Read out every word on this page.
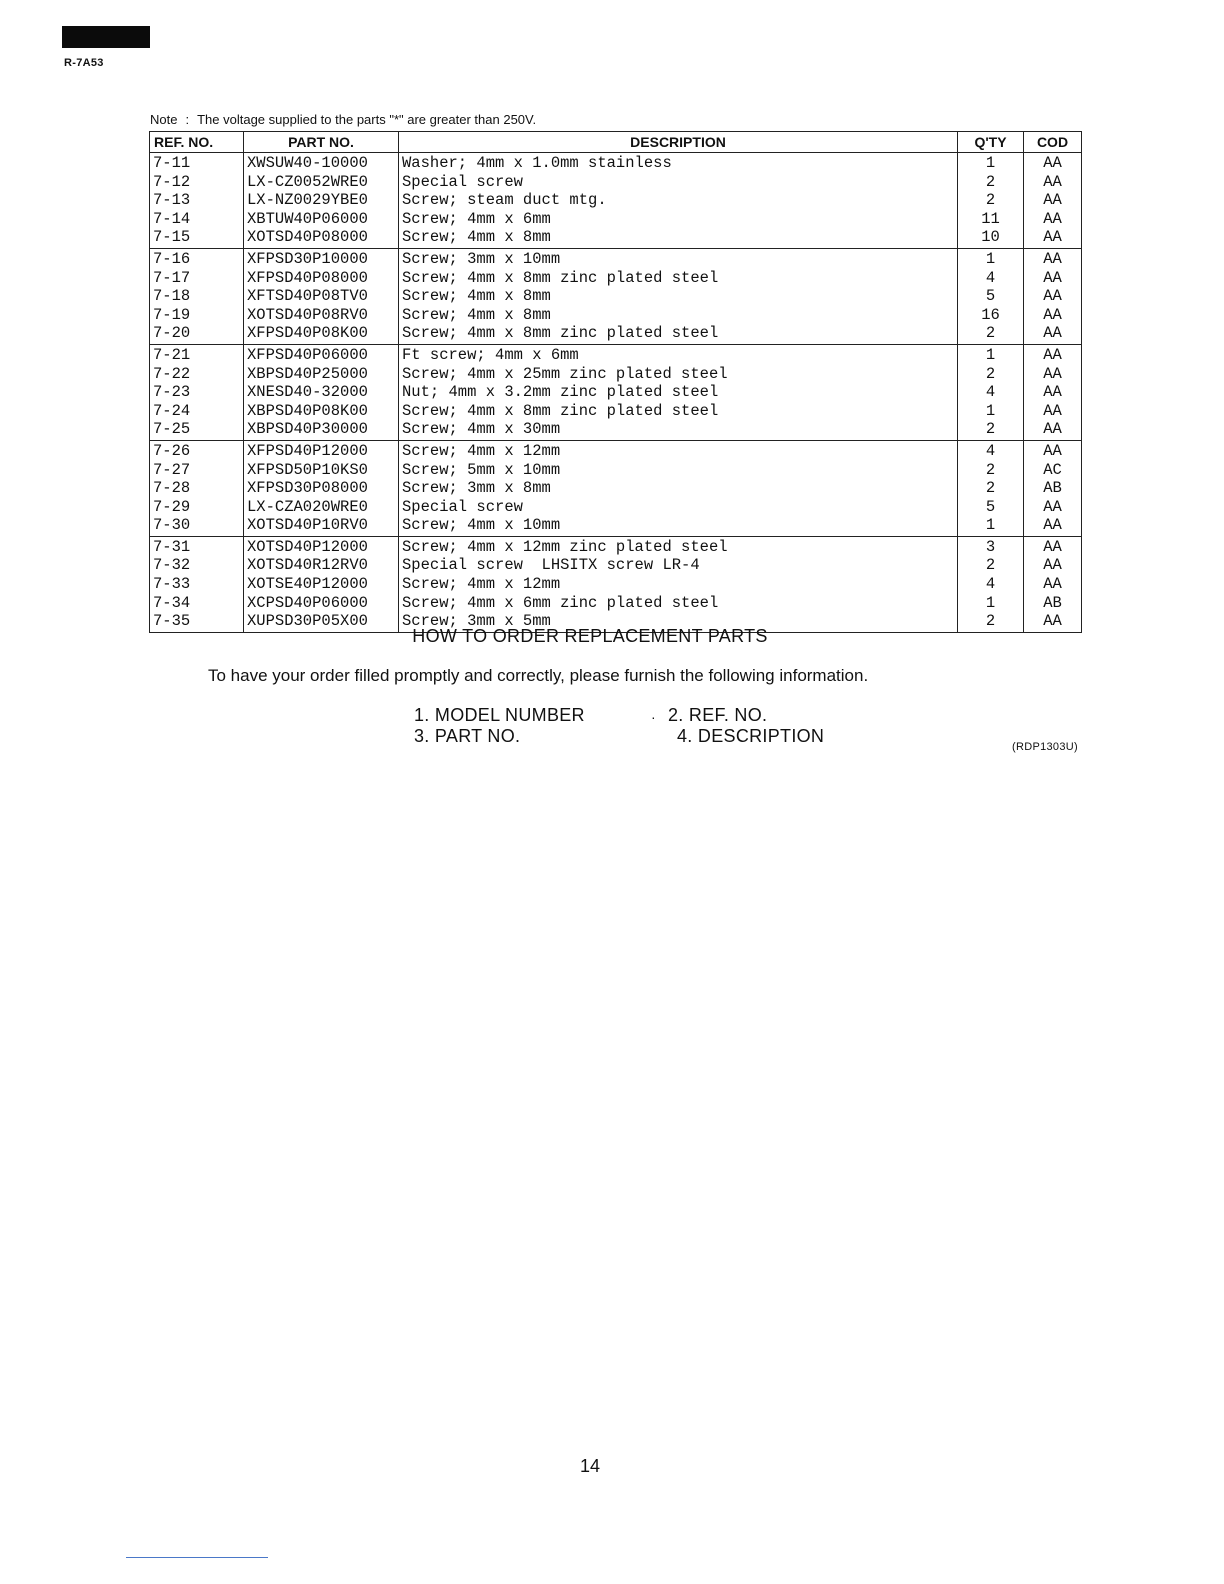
R-7A53
Note : The voltage supplied to the parts "*" are greater than 250V.
REF. NO.	PART NO.	DESCRIPTION	Q'TY	COD
7-11	XWSUW40-10000	Washer; 4mm x 1.0mm stainless	1	AA
7-12	LX-CZ0052WRE0	Special screw	2	AA
7-13	LX-NZ0029YBE0	Screw; steam duct mtg.	2	AA
7-14	XBTUW40P06000	Screw; 4mm x 6mm	11	AA
7-15	XOTSD40P08000	Screw; 4mm x 8mm	10	AA
7-16	XFPSD30P10000	Screw; 3mm x 10mm	1	AA
7-17	XFPSD40P08000	Screw; 4mm x 8mm zinc plated steel	4	AA
7-18	XFTSD40P08TV0	Screw; 4mm x 8mm	5	AA
7-19	XOTSD40P08RV0	Screw; 4mm x 8mm	16	AA
7-20	XFPSD40P08K00	Screw; 4mm x 8mm zinc plated steel	2	AA
7-21	XFPSD40P06000	Ft screw; 4mm x 6mm	1	AA
7-22	XBPSD40P25000	Screw; 4mm x 25mm zinc plated steel	2	AA
7-23	XNESD40-32000	Nut; 4mm x 3.2mm zinc plated steel	4	AA
7-24	XBPSD40P08K00	Screw; 4mm x 8mm zinc plated steel	1	AA
7-25	XBPSD40P30000	Screw; 4mm x 30mm	2	AA
7-26	XFPSD40P12000	Screw; 4mm x 12mm	4	AA
7-27	XFPSD50P10KS0	Screw; 5mm x 10mm	2	AC
7-28	XFPSD30P08000	Screw; 3mm x 8mm	2	AB
7-29	LX-CZA020WRE0	Special screw	5	AA
7-30	XOTSD40P10RV0	Screw; 4mm x 10mm	1	AA
7-31	XOTSD40P12000	Screw; 4mm x 12mm zinc plated steel	3	AA
7-32	XOTSD40R12RV0	Special screw  LHSITX screw LR-4	2	AA
7-33	XOTSE40P12000	Screw; 4mm x 12mm	4	AA
7-34	XCPSD40P06000	Screw; 4mm x 6mm zinc plated steel	1	AB
7-35	XUPSD30P05X00	Screw; 3mm x 5mm	2	AA
HOW TO ORDER REPLACEMENT PARTS
To have your order filled promptly and correctly, please furnish the following information.
1. MODEL NUMBER	· 2. REF. NO.
3. PART NO.	4. DESCRIPTION
(RDP1303U)
14
